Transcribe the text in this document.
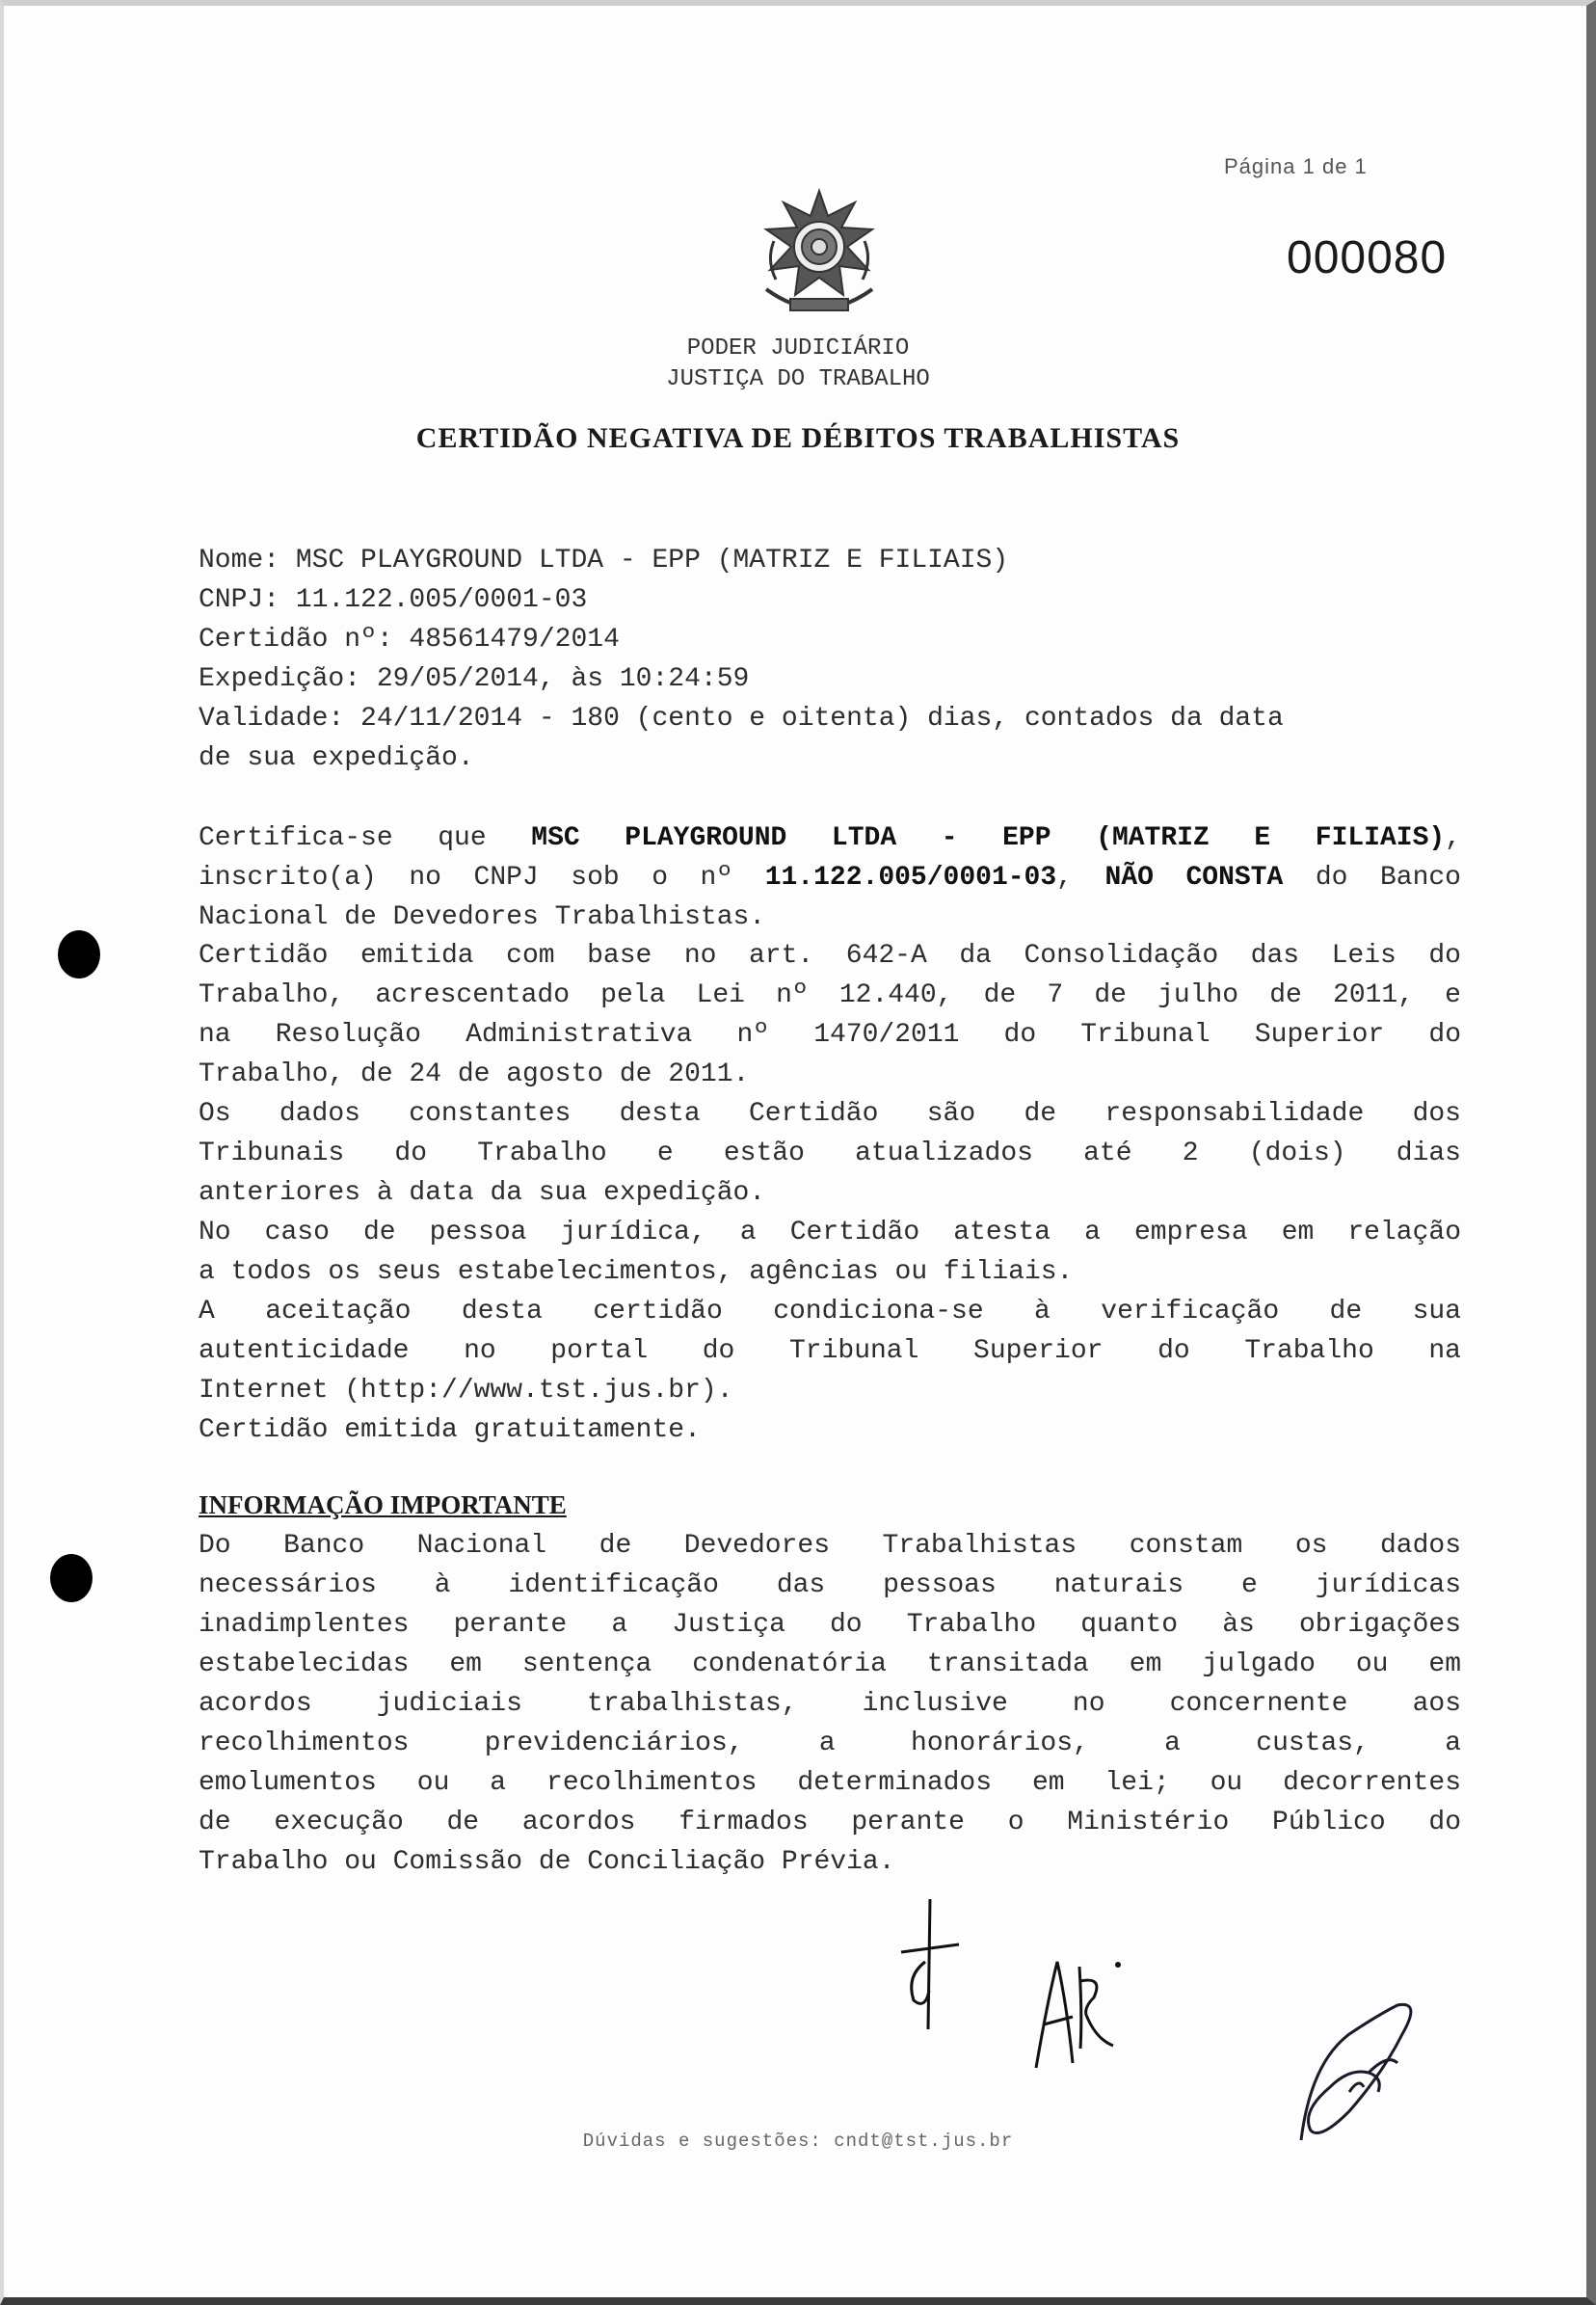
Página 1 de 1
000080
PODER JUDICIÁRIO
JUSTIÇA DO TRABALHO
CERTIDÃO NEGATIVA DE DÉBITOS TRABALHISTAS
Nome: MSC PLAYGROUND LTDA - EPP (MATRIZ E FILIAIS)
CNPJ: 11.122.005/0001-03
Certidão nº: 48561479/2014
Expedição: 29/05/2014, às 10:24:59
Validade: 24/11/2014 - 180 (cento e oitenta) dias, contados da data
de sua expedição.
Certifica-se que MSC PLAYGROUND LTDA - EPP (MATRIZ E FILIAIS),
inscrito(a) no CNPJ sob o nº 11.122.005/0001-03, NÃO CONSTA do Banco
Nacional de Devedores Trabalhistas.
Certidão emitida com base no art. 642-A da Consolidação das Leis do
Trabalho, acrescentado pela Lei nº 12.440, de 7 de julho de 2011, e
na Resolução Administrativa nº 1470/2011 do Tribunal Superior do
Trabalho, de 24 de agosto de 2011.
Os dados constantes desta Certidão são de responsabilidade dos
Tribunais do Trabalho e estão atualizados até 2 (dois) dias
anteriores à data da sua expedição.
No caso de pessoa jurídica, a Certidão atesta a empresa em relação
a todos os seus estabelecimentos, agências ou filiais.
A aceitação desta certidão condiciona-se à verificação de sua
autenticidade no portal do Tribunal Superior do Trabalho na
Internet (http://www.tst.jus.br).
Certidão emitida gratuitamente.
INFORMAÇÃO IMPORTANTE
Do Banco Nacional de Devedores Trabalhistas constam os dados
necessários à identificação das pessoas naturais e jurídicas
inadimplentes perante a Justiça do Trabalho quanto às obrigações
estabelecidas em sentença condenatória transitada em julgado ou em
acordos judiciais trabalhistas, inclusive no concernente aos
recolhimentos previdenciários, a honorários, a custas, a
emolumentos ou a recolhimentos determinados em lei; ou decorrentes
de execução de acordos firmados perante o Ministério Público do
Trabalho ou Comissão de Conciliação Prévia.
Dúvidas e sugestões: cndt@tst.jus.br
